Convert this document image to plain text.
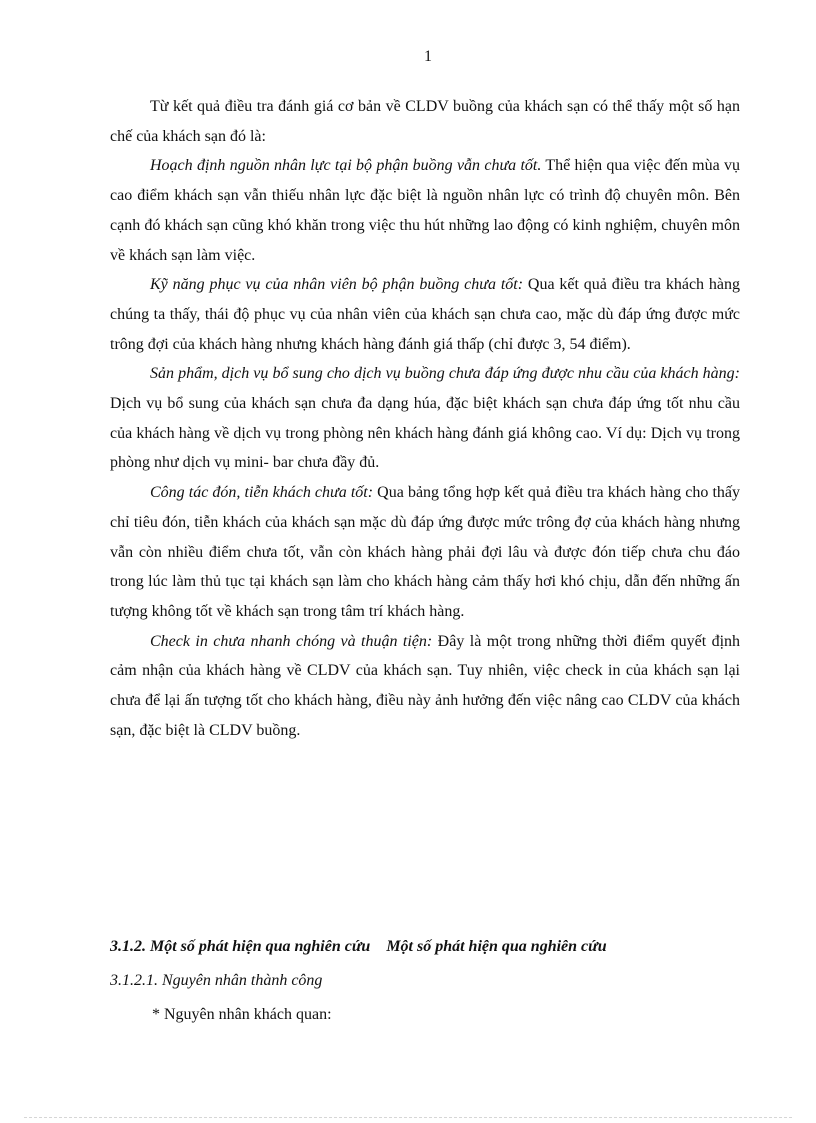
1

Từ kết quả điều tra đánh giá cơ bản về CLDV buồng của khách sạn có thể thấy một số hạn chế của khách sạn đó là:

Hoạch định nguồn nhân lực tại bộ phận buồng vẫn chưa tốt. Thể hiện qua việc đến mùa vụ cao điểm khách sạn vẫn thiếu nhân lực đặc biệt là nguồn nhân lực có trình độ chuyên môn. Bên cạnh đó khách sạn cũng khó khăn trong việc thu hút những lao động có kinh nghiệm, chuyên môn về khách sạn làm việc.

Kỹ năng phục vụ của nhân viên bộ phận buồng chưa tốt: Qua kết quả điều tra khách hàng chúng ta thấy, thái độ phục vụ của nhân viên của khách sạn chưa cao, mặc dù đáp ứng được mức trông đợi của khách hàng nhưng khách hàng đánh giá thấp (chỉ được 3, 54 điểm).

Sản phẩm, dịch vụ bổ sung cho dịch vụ buồng chưa đáp ứng được nhu cầu của khách hàng: Dịch vụ bổ sung của khách sạn chưa đa dạng húa, đặc biệt khách sạn chưa đáp ứng tốt nhu cầu của khách hàng về dịch vụ trong phòng nên khách hàng đánh giá không cao. Ví dụ: Dịch vụ trong phòng như dịch vụ mini- bar chưa đầy đủ.

Công tác đón, tiễn khách chưa tốt: Qua bảng tổng hợp kết quả điều tra khách hàng cho thấy chỉ tiêu đón, tiễn khách của khách sạn mặc dù đáp ứng được mức trông đợ của khách hàng nhưng vẫn còn nhiều điểm chưa tốt, vẫn còn khách hàng phải đợi lâu và được đón tiếp chưa chu đáo trong lúc làm thủ tục tại khách sạn làm cho khách hàng cảm thấy hơi khó chịu, dẫn đến những ấn tượng không tốt về khách sạn trong tâm trí khách hàng.

Check in chưa nhanh chóng và thuận tiện: Đây là một trong những thời điểm quyết định cảm nhận của khách hàng về CLDV của khách sạn. Tuy nhiên, việc check in của khách sạn lại chưa để lại ấn tượng tốt cho khách hàng, điều này ảnh hưởng đến việc nâng cao CLDV của khách sạn, đặc biệt là CLDV buồng.

3.1.2. Một số phát hiện qua nghiên cứu    Một số phát hiện qua nghiên cứu

3.1.2.1. Nguyên nhân thành công

* Nguyên nhân khách quan:
